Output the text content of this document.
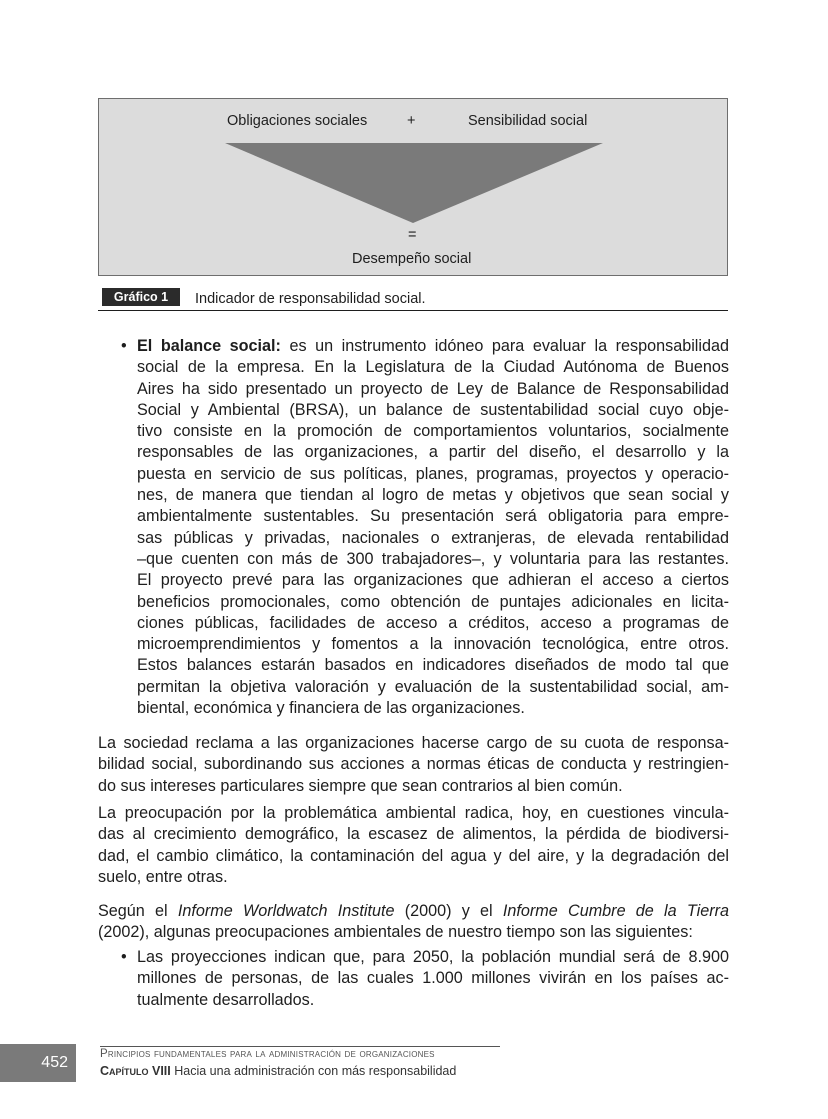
Obligaciones sociales	+	Sensibilidad social
=
Desempeño social
Gráfico 1	Indicador de responsabilidad social.
• El balance social: es un instrumento idóneo para evaluar la responsabilidad
social de la empresa. En la Legislatura de la Ciudad Autónoma de Buenos
Aires ha sido presentado un proyecto de Ley de Balance de Responsabilidad
Social y Ambiental (BRSA), un balance de sustentabilidad social cuyo obje-
tivo consiste en la promoción de comportamientos voluntarios, socialmente
responsables de las organizaciones, a partir del diseño, el desarrollo y la
puesta en servicio de sus políticas, planes, programas, proyectos y operacio-
nes, de manera que tiendan al logro de metas y objetivos que sean social y
ambientalmente sustentables. Su presentación será obligatoria para empre-
sas públicas y privadas, nacionales o extranjeras, de elevada rentabilidad
–que cuenten con más de 300 trabajadores–, y voluntaria para las restantes.
El proyecto prevé para las organizaciones que adhieran el acceso a ciertos
beneficios promocionales, como obtención de puntajes adicionales en licita-
ciones públicas, facilidades de acceso a créditos, acceso a programas de
microemprendimientos y fomentos a la innovación tecnológica, entre otros.
Estos balances estarán basados en indicadores diseñados de modo tal que
permitan la objetiva valoración y evaluación de la sustentabilidad social, am-
biental, económica y financiera de las organizaciones.
La sociedad reclama a las organizaciones hacerse cargo de su cuota de responsa-
bilidad social, subordinando sus acciones a normas éticas de conducta y restringien-
do sus intereses particulares siempre que sean contrarios al bien común.
La preocupación por la problemática ambiental radica, hoy, en cuestiones vincula-
das al crecimiento demográfico, la escasez de alimentos, la pérdida de biodiversi-
dad, el cambio climático, la contaminación del agua y del aire, y la degradación del
suelo, entre otras.
Según el Informe Worldwatch Institute (2000) y el Informe Cumbre de la Tierra
(2002), algunas preocupaciones ambientales de nuestro tiempo son las siguientes:
• Las proyecciones indican que, para 2050, la población mundial será de 8.900
millones de personas, de las cuales 1.000 millones vivirán en los países ac-
tualmente desarrollados.
452	Principios fundamentales para la administración de organizaciones
Capítulo VIII Hacia una administración con más responsabilidad
